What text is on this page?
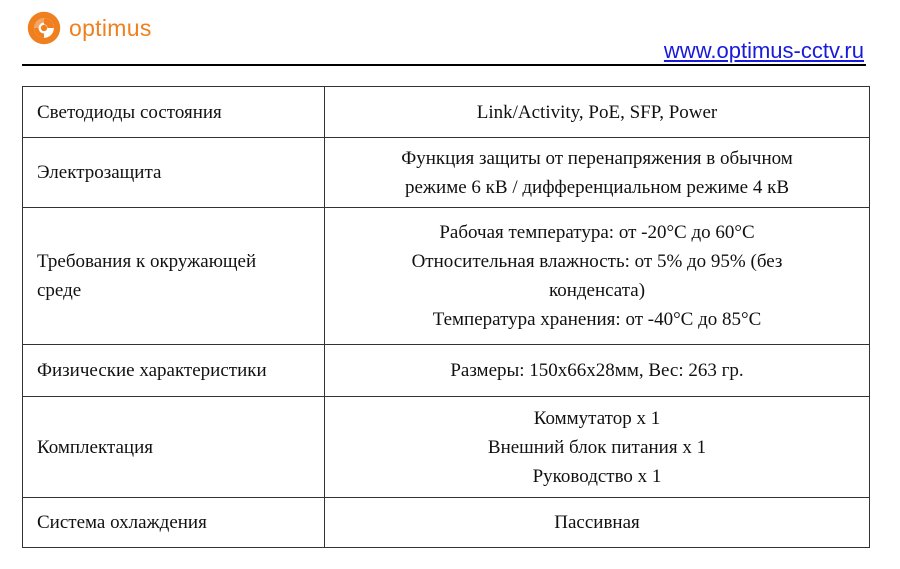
optimus
www.optimus-cctv.ru
Светодиоды состояния	Link/Activity, PoE, SFP, Power

Электрозащита	Функция защиты от перенапряжения в обычном
режиме 6 кВ / дифференциальном режиме 4 кВ

Требования к окружающей
среде	Рабочая температура: от -20°C до 60°C
Относительная влажность: от 5% до 95% (без
конденсата)
Температура хранения: от -40°C до 85°C

Физические характеристики	Размеры: 150x66x28мм, Вес: 263 гр.

Комплектация	Коммутатор x 1
Внешний блок питания x 1
Руководство x 1

Система охлаждения	Пассивная
